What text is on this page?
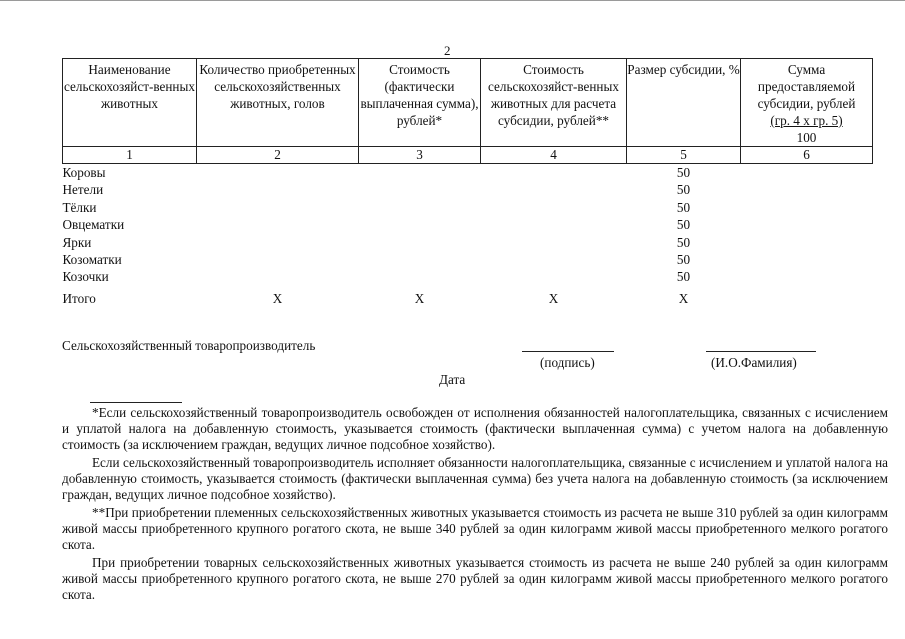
2
Наименование сельскохозяйст-венных животных	Количество приобретенных сельскохозяйственных животных, голов	Стоимость (фактически выплаченная сумма), рублей*	Стоимость сельскохозяйст-венных животных для расчета субсидии, рублей**	Размер субсидии, %	Сумма предоставляемой субсидии, рублей
(гр. 4 x гр. 5)
100
1	2	3	4	5	6
Коровы				50	
Нетели				50	
Тёлки				50	
Овцематки				50	
Ярки				50	
Козоматки				50	
Козочки				50	
Итого	Х	Х	Х	Х	
Сельскохозяйственный товаропроизводитель
(подпись)	(И.О.Фамилия)
Дата

*Если сельскохозяйственный товаропроизводитель освобожден от исполнения обязанностей налогоплательщика, связанных с исчислением и уплатой налога на добавленную стоимость, указывается стоимость (фактически выплаченная сумма) с учетом налога на добавленную стоимость (за исключением граждан, ведущих личное подсобное хозяйство).

Если сельскохозяйственный товаропроизводитель исполняет обязанности налогоплательщика, связанные с исчислением и уплатой налога на добавленную стоимость, указывается стоимость (фактически выплаченная сумма) без учета налога на добавленную стоимость (за исключением граждан, ведущих личное подсобное хозяйство).

**При приобретении племенных сельскохозяйственных животных указывается стоимость из расчета не выше 310 рублей за один килограмм живой массы приобретенного крупного рогатого скота, не выше 340 рублей за один килограмм живой массы приобретенного мелкого рогатого скота.

При приобретении товарных сельскохозяйственных животных указывается стоимость из расчета не выше 240 рублей за один килограмм живой массы приобретенного крупного рогатого скота, не выше 270 рублей за один килограмм живой массы приобретенного мелкого рогатого скота.
